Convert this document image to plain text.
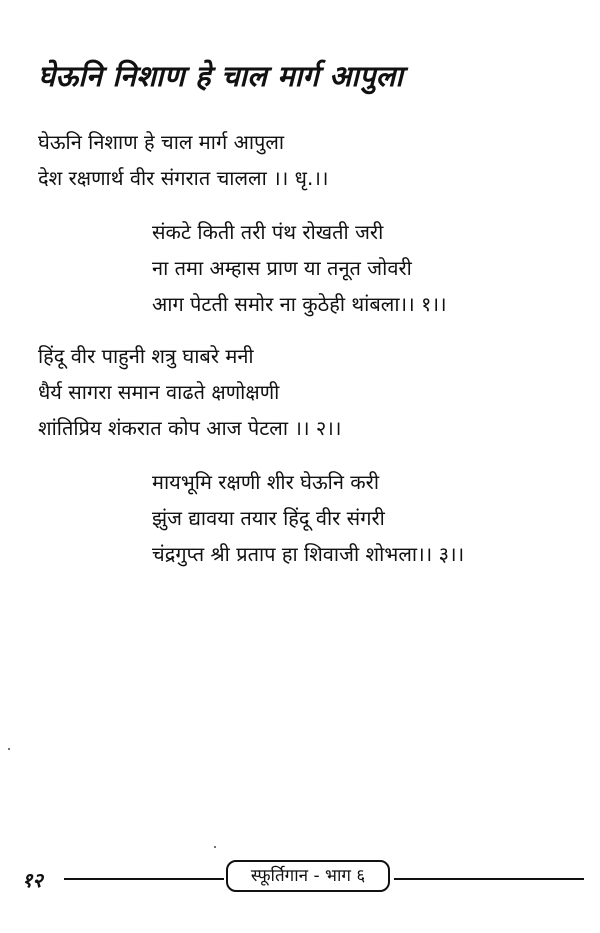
घेऊनि निशाण हे चाल मार्ग आपुला
घेऊनि निशाण हे चाल मार्ग आपुला
देश रक्षणार्थ वीर संगरात चालला ।। धृ.।।
संकटे किती तरी पंथ रोखती जरी
ना तमा अम्हास प्राण या तनूत जोवरी
आग पेटती समोर ना कुठेही थांबला।। १।।
हिंदू वीर पाहुनी शत्रु घाबरे मनी
धैर्य सागरा समान वाढते क्षणोक्षणी
शांतिप्रिय शंकरात कोप आज पेटला ।। २।।
मायभूमि रक्षणी शीर घेऊनि करी
झुंज द्यावया तयार हिंदू वीर संगरी
चंद्रगुप्त श्री प्रताप हा शिवाजी शोभला।। ३।।
१२	स्फूर्तिगान - भाग ६
